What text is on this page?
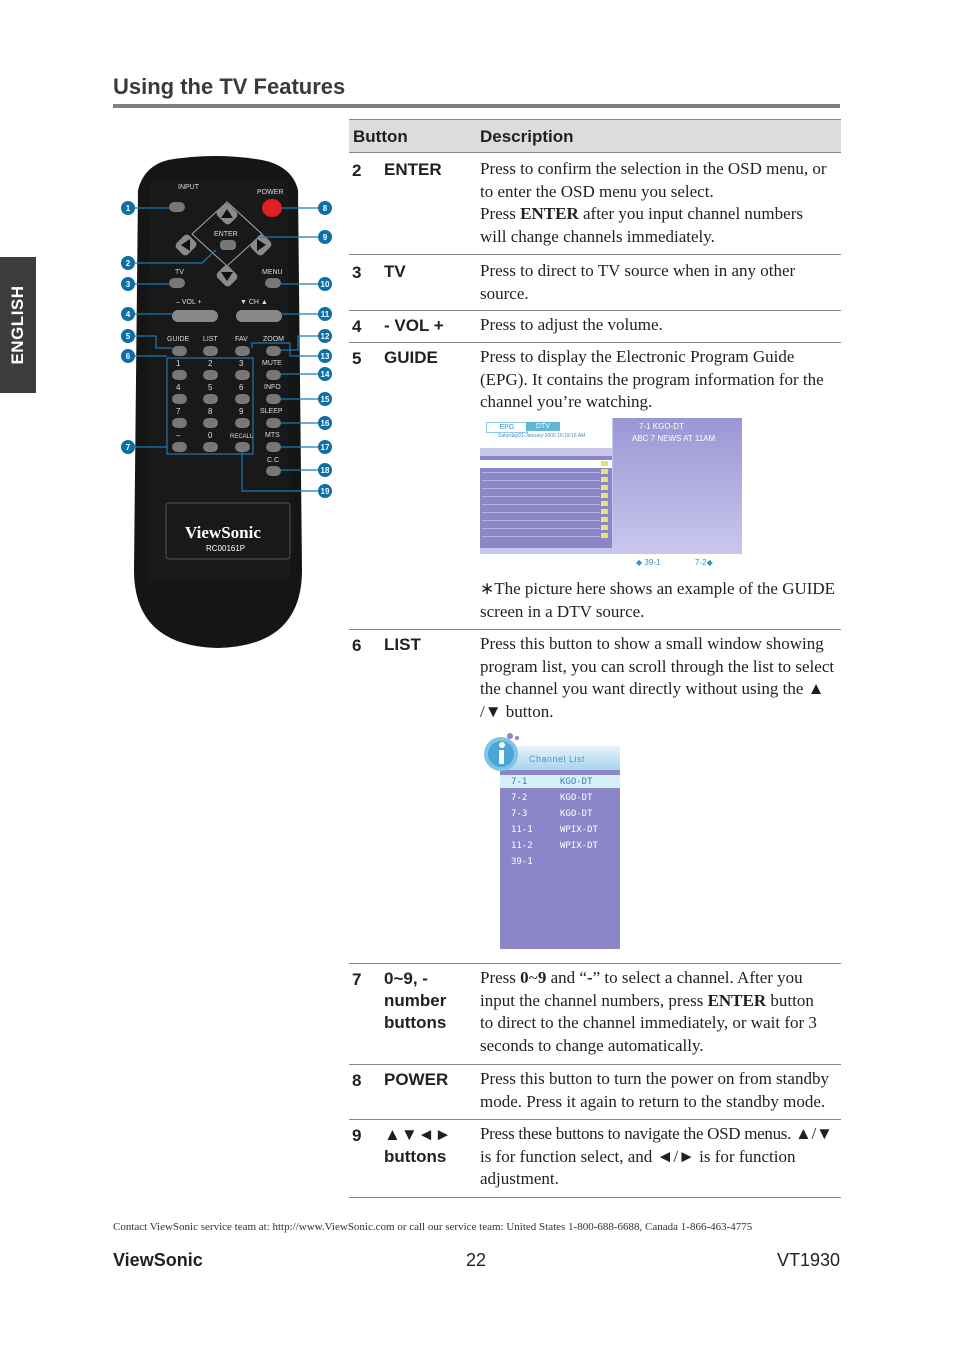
Using the TV Features
ENGLISH
INPUT
POWER
ENTER
TV	MENU
– VOL +	▼ CH ▲
GUIDE LIST FAV ZOOM
1	2	3
4	5	6
7	8	9
–	0
MUTE
INFO
SLEEP
RECALL MTS
C.C
ViewSonic
RC00161P
1
2
3
4
5
6
7
8
9
10
11
12
13
14
15
16
17
18
19
Button	Description
2 ENTER Press to confirm the selection in the OSD menu, or
to enter the OSD menu you select.
Press ENTER after you input channel numbers
will change channels immediately.
3 TV	Press to direct to TV source when in any other
source.
4 - VOL + Press to adjust the volume.
5 GUIDE Press to display the Electronic Program Guide
(EPG). It contains the program information for the
channel you’re watching.
EPG	DTV
Saturday01-January-2000 16:19:16 AM
7-1 KGO-DT
ABC 7 NEWS AT 11AM
◆ 39-1	7-2◆
∗The picture here shows an example of the GUIDE
screen in a DTV source.
6 LIST	Press this button to show a small window showing
program list, you can scroll through the list to select
the channel you want directly without using the ▲
/▼ button.
Channel List
7-1	KGO-DT
7-2	KGO-DT
7-3	KGO-DT
11-1	WPIX-DT
11-2	WPIX-DT
39-1
7 0~9, -
number
buttons
Press 0~9 and “-” to select a channel. After you
input the channel numbers, press ENTER button
to direct to the channel immediately, or wait for 3
seconds to change automatically.
8 POWER Press this button to turn the power on from standby
mode. Press it again to return to the standby mode.
9 ▲▼◄►
buttons
Press these buttons to navigate the OSD menus. ▲/▼
is for function select, and ◄/► is for function
adjustment.
Contact ViewSonic service team at: http://www.ViewSonic.com or call our service team: United States 1-800-688-6688, Canada 1-866-463-4775
ViewSonic	22	VT1930
